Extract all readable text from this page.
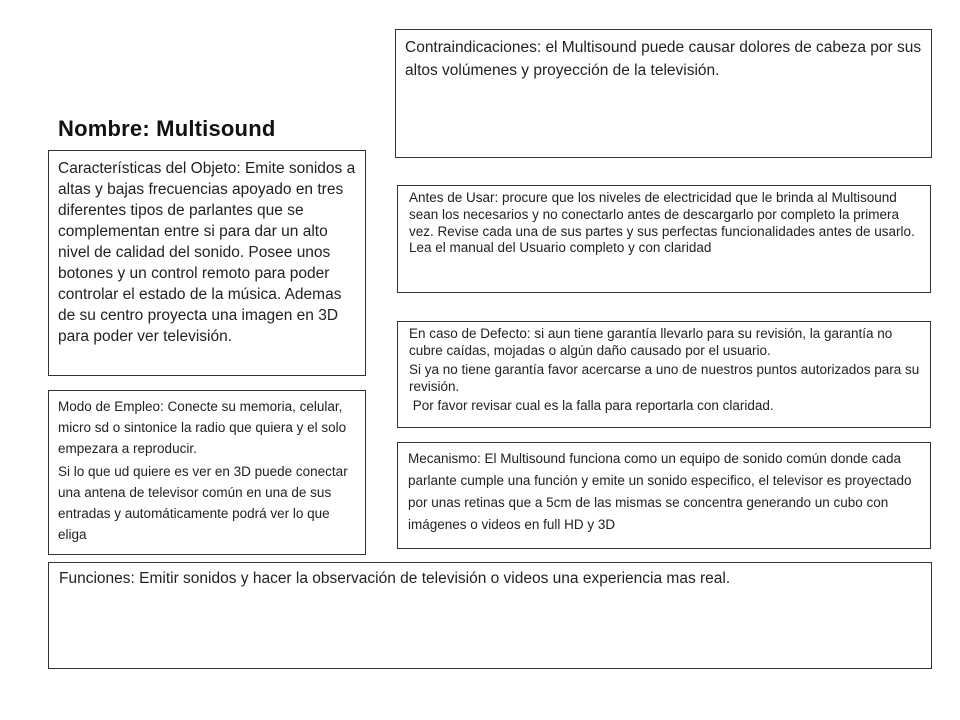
Nombre: Multisound

Contraindicaciones: el Multisound puede causar dolores de cabeza por sus altos volúmenes y proyección de la televisión.

Características del Objeto: Emite sonidos a altas y bajas frecuencias apoyado en tres diferentes tipos de parlantes que se complementan entre si para dar un alto nivel de calidad del sonido. Posee unos botones y un control remoto para poder controlar el estado de la música. Ademas de su centro proyecta una imagen en 3D para poder ver televisión.

Antes de Usar: procure que los niveles de electricidad que le brinda al Multisound sean los necesarios y no conectarlo antes de descargarlo por completo la primera vez. Revise cada una de sus partes y sus perfectas funcionalidades antes de usarlo. Lea el manual del Usuario completo y con claridad

En caso de Defecto: si aun tiene garantía llevarlo para su revisión, la garantía no cubre caídas, mojadas o algún daño causado por el usuario.

Si ya no tiene garantía favor acercarse a uno de nuestros puntos autorizados para su revisión.

Por favor revisar cual es la falla para reportarla con claridad.

Modo de Empleo: Conecte su memoria, celular, micro sd o sintonice la radio que quiera y el solo empezara a reproducir.

Si lo que ud quiere es ver en 3D puede conectar una antena de televisor común en una de sus entradas y automáticamente podrá ver lo que eliga

Mecanismo: El Multisound funciona como un equipo de sonido común donde cada parlante cumple una función y emite un sonido especifico, el televisor es proyectado por unas retinas que a 5cm de las mismas se concentra generando un cubo con imágenes o videos en full HD y 3D

Funciones: Emitir sonidos y hacer la observación de televisión o videos una experiencia mas real.
